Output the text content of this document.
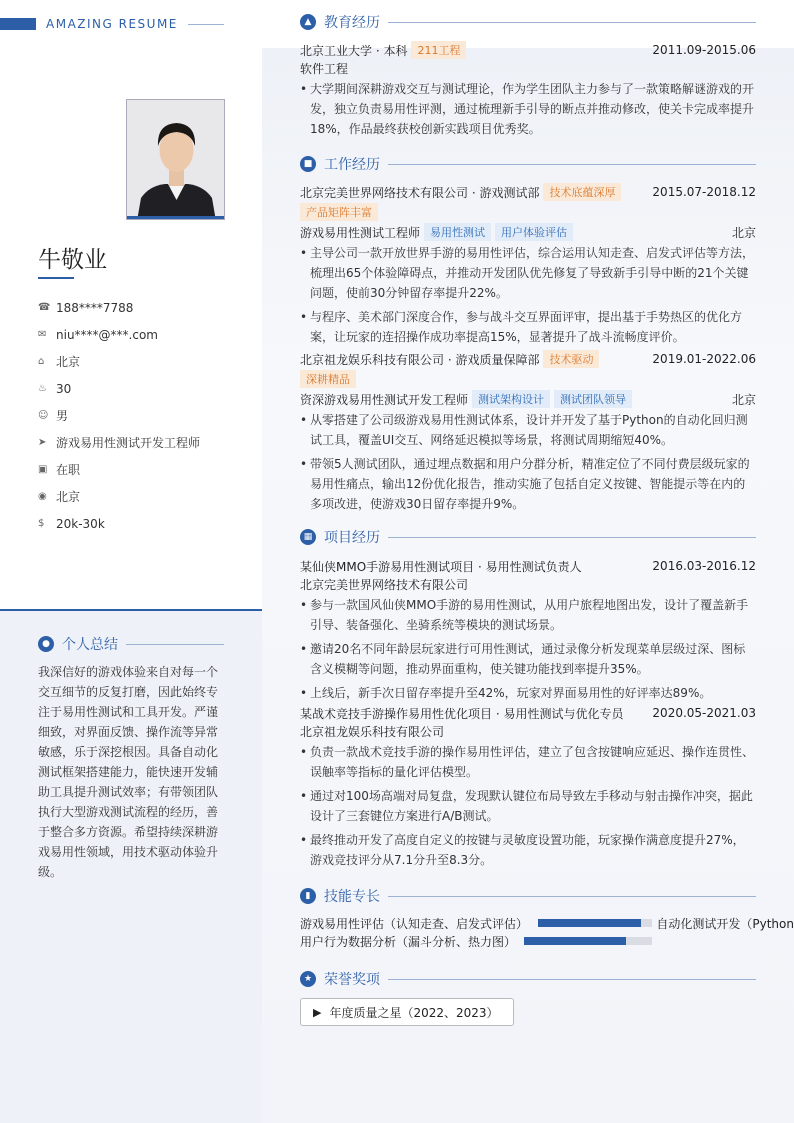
AMAZING RESUME
牛敬业
☎ 188****7788
✉ niu****@***.com
⌂ 北京
♨ 30
☺ 男
➤ 游戏易用性测试开发工程师
▣ 在职
◉ 北京
$ 20k-30k
● 个人总结
我深信好的游戏体验来自对每一个交互细节的反复打磨，因此始终专注于易用性测试和工具开发。严谨细致，对界面反馈、操作流等异常敏感，乐于深挖根因。具备自动化测试框架搭建能力，能快速开发辅助工具提升测试效率；有带领团队执行大型游戏测试流程的经历，善于整合多方资源。希望持续深耕游戏易用性领域，用技术驱动体验升级。
▲ 教育经历
北京工业大学 · 本科 211工程	2011.09-2015.06
软件工程
• 大学期间深耕游戏交互与测试理论，作为学生团队主力参与了一款策略解谜游戏的开发，独立负责易用性评测，通过梳理新手引导的断点并推动修改，使关卡完成率提升18%，作品最终获校创新实践项目优秀奖。
■ 工作经历
北京完美世界网络技术有限公司 · 游戏测试部 技术底蕴深厚	2015.07-2018.12
产品矩阵丰富
游戏易用性测试工程师 易用性测试	用户体验评估	北京
• 主导公司一款开放世界手游的易用性评估，综合运用认知走查、启发式评估等方法，梳理出65个体验障碍点，并推动开发团队优先修复了导致新手引导中断的21个关键问题，使前30分钟留存率提升22%。
• 与程序、美术部门深度合作，参与战斗交互界面评审，提出基于手势热区的优化方案，让玩家的连招操作成功率提高15%，显著提升了战斗流畅度评价。
北京祖龙娱乐科技有限公司 · 游戏质量保障部 技术驱动	2019.01-2022.06
深耕精品
资深游戏易用性测试开发工程师 测试架构设计	测试团队领导	北京
• 从零搭建了公司级游戏易用性测试体系，设计并开发了基于Python的自动化回归测试工具，覆盖UI交互、网络延迟模拟等场景，将测试周期缩短40%。
• 带领5人测试团队，通过埋点数据和用户分群分析，精准定位了不同付费层级玩家的易用性痛点，输出12份优化报告，推动实施了包括自定义按键、智能提示等在内的多项改进，使游戏30日留存率提升9%。
▦ 项目经历
某仙侠MMO手游易用性测试项目 · 易用性测试负责人	2016.03-2016.12
北京完美世界网络技术有限公司
• 参与一款国风仙侠MMO手游的易用性测试，从用户旅程地图出发，设计了覆盖新手引导、装备强化、坐骑系统等模块的测试场景。
• 邀请20名不同年龄层玩家进行可用性测试，通过录像分析发现菜单层级过深、图标含义模糊等问题，推动界面重构，使关键功能找到率提升35%。
• 上线后，新手次日留存率提升至42%，玩家对界面易用性的好评率达89%。
某战术竞技手游操作易用性优化项目 · 易用性测试与优化专员 2020.05-2021.03
北京祖龙娱乐科技有限公司
• 负责一款战术竞技手游的操作易用性评估，建立了包含按键响应延迟、操作连贯性、误触率等指标的量化评估模型。
• 通过对100场高端对局复盘，发现默认键位布局导致左手移动与射击操作冲突，据此设计了三套键位方案进行A/B测试。
• 最终推动开发了高度自定义的按键与灵敏度设置功能，玩家操作满意度提升27%，游戏竞技评分从7.1分升至8.3分。
▮ 技能专长
游戏易用性评估（认知走查、启发式评估）	自动化测试开发（Python
用户行为数据分析（漏斗分析、热力图）
★ 荣誉奖项
▶ 年度质量之星（2022、2023）
